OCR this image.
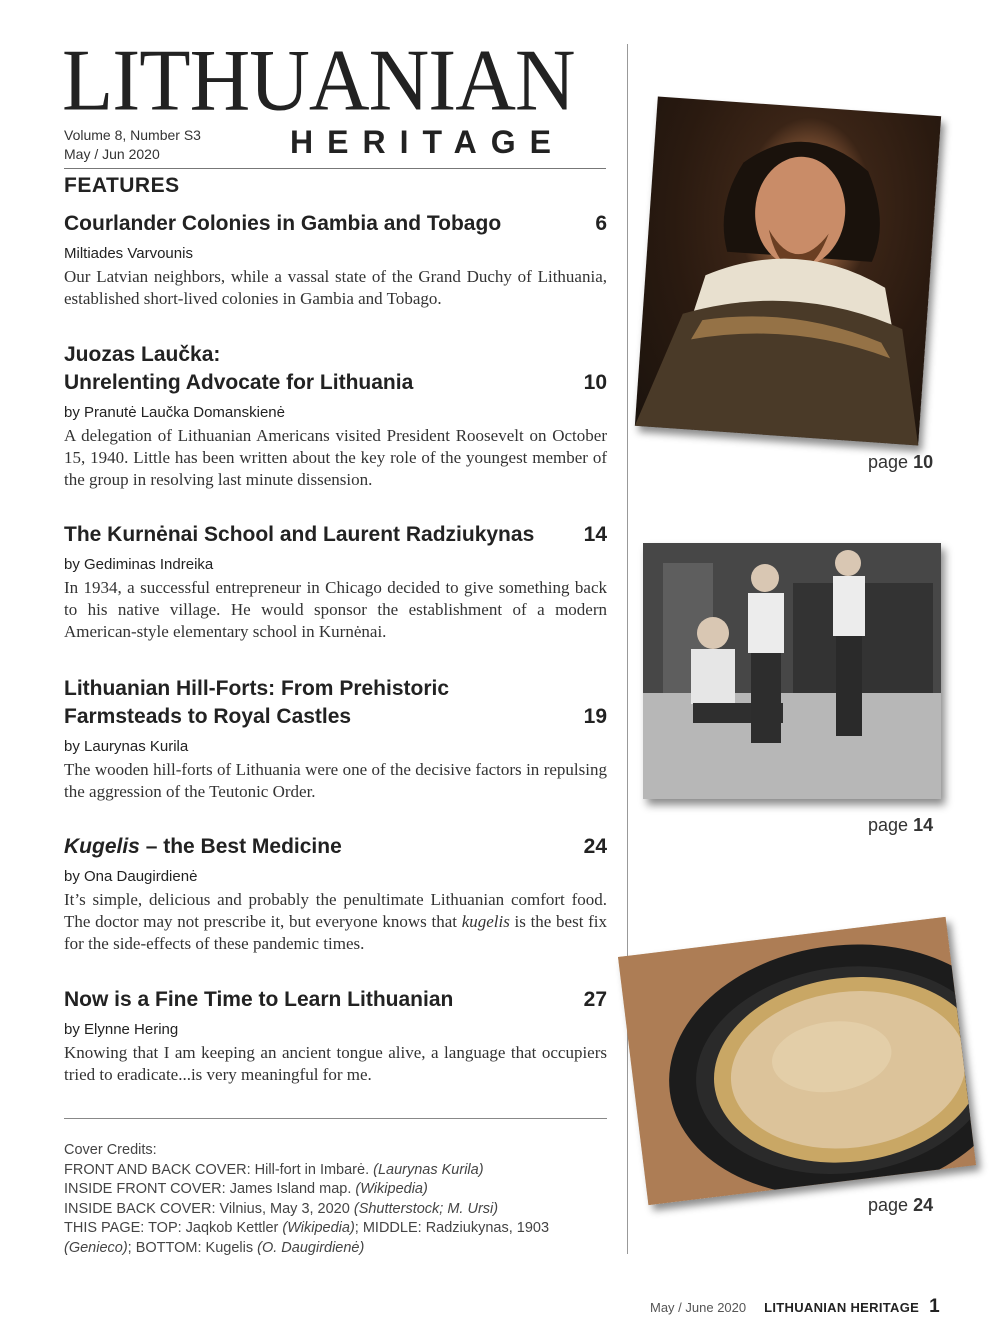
LITHUANIAN
Volume 8, Number S3
May / Jun 2020	HERITAGE
FEATURES
Courlander Colonies in Gambia and Tobago	6
Miltiades Varvounis
Our Latvian neighbors, while a vassal state of the Grand Duchy of Lithuania, established short-lived colonies in Gambia and Tobago.
Juozas Laučka:
Unrelenting Advocate for Lithuania	10
by Pranutė Laučka Domanskienė
A delegation of Lithuanian Americans visited President Roosevelt on October 15, 1940. Little has been written about the key role of the youngest member of the group in resolving last minute dissension.
The Kurnėnai School and Laurent Radziukynas 14
by Gediminas Indreika
In 1934, a successful entrepreneur in Chicago decided to give something back to his native village. He would sponsor the establishment of a modern American-style elementary school in Kurnėnai.
Lithuanian Hill-Forts: From Prehistoric
Farmsteads to Royal Castles	19
by Laurynas Kurila
The wooden hill-forts of Lithuania were one of the decisive factors in repulsing the aggression of the Teutonic Order.
Kugelis – the Best Medicine	24
by Ona Daugirdienė
It’s simple, delicious and probably the penultimate Lithuanian comfort food. The doctor may not prescribe it, but everyone knows that kugelis is the best fix for the side-effects of these pandemic times.
Now is a Fine Time to Learn Lithuanian	27
by Elynne Hering
Knowing that I am keeping an ancient tongue alive, a language that occupiers tried to eradicate...is very meaningful for me.
Cover Credits:
FRONT AND BACK COVER: Hill-fort in Imbarė. (Laurynas Kurila)
INSIDE FRONT COVER: James Island map. (Wikipedia)
INSIDE BACK COVER: Vilnius, May 3, 2020 (Shutterstock; M. Ursi)
THIS PAGE: TOP: Jaqkob Kettler (Wikipedia); MIDDLE: Radziukynas, 1903
(Genieco); BOTTOM: Kugelis (O. Daugirdienė)
page 10
page 14
page 24
May / June 2020 LITHUANIAN HERITAGE 1
